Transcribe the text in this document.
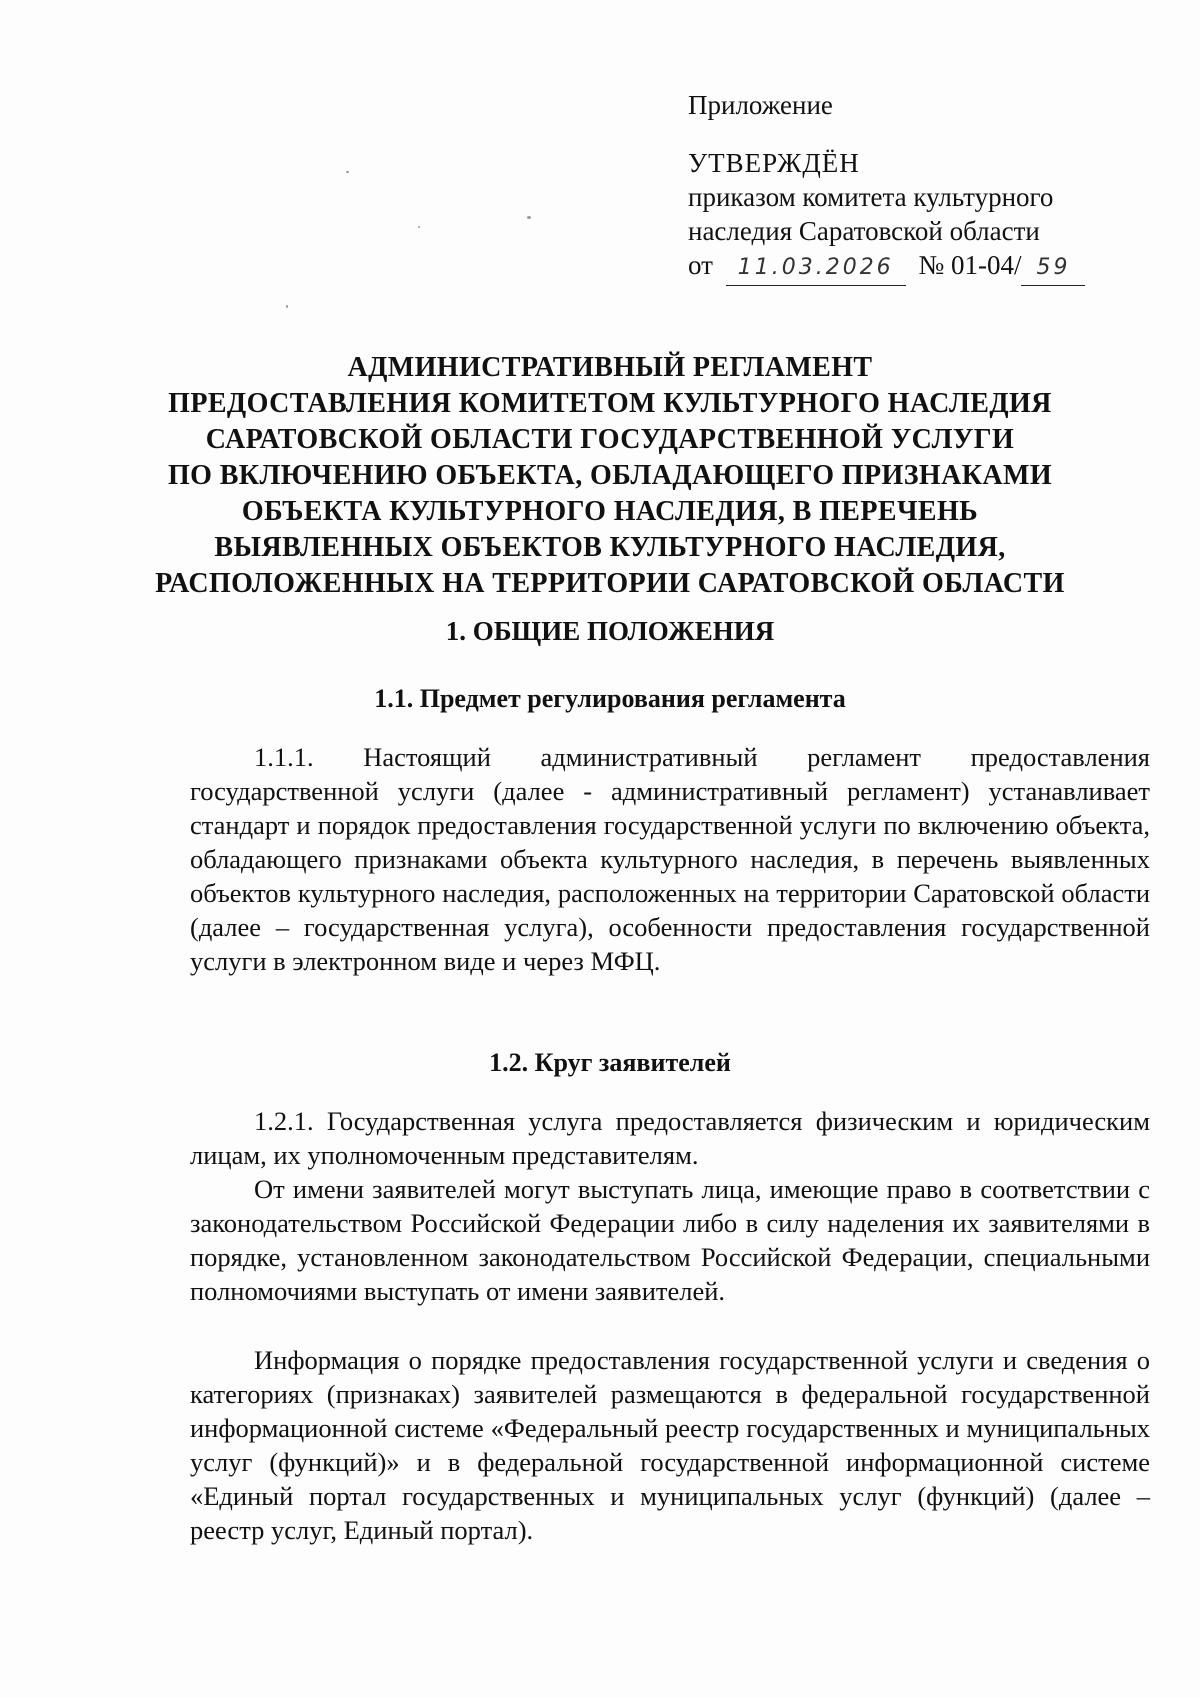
Приложение
УТВЕРЖДЁН
приказом комитета культурного
наследия Саратовской области
от 11.03.2026 № 01-04/ 59
АДМИНИСТРАТИВНЫЙ РЕГЛАМЕНТ
ПРЕДОСТАВЛЕНИЯ КОМИТЕТОМ КУЛЬТУРНОГО НАСЛЕДИЯ
САРАТОВСКОЙ ОБЛАСТИ ГОСУДАРСТВЕННОЙ УСЛУГИ
ПО ВКЛЮЧЕНИЮ ОБЪЕКТА, ОБЛАДАЮЩЕГО ПРИЗНАКАМИ
ОБЪЕКТА КУЛЬТУРНОГО НАСЛЕДИЯ, В ПЕРЕЧЕНЬ
ВЫЯВЛЕННЫХ ОБЪЕКТОВ КУЛЬТУРНОГО НАСЛЕДИЯ,
РАСПОЛОЖЕННЫХ НА ТЕРРИТОРИИ САРАТОВСКОЙ ОБЛАСТИ
1. ОБЩИЕ ПОЛОЖЕНИЯ
1.1. Предмет регулирования регламента

1.1.1. Настоящий административный регламент предоставления государственной услуги (далее - административный регламент) устанавливает стандарт и порядок предоставления государственной услуги по включению объекта, обладающего признаками объекта культурного наследия, в перечень выявленных объектов культурного наследия, расположенных на территории Саратовской области (далее – государственная услуга), особенности предоставления государственной услуги в электронном виде и через МФЦ.

1.2. Круг заявителей

1.2.1. Государственная услуга предоставляется физическим и юридическим лицам, их уполномоченным представителям.

От имени заявителей могут выступать лица, имеющие право в соответствии с законодательством Российской Федерации либо в силу наделения их заявителями в порядке, установленном законодательством Российской Федерации, специальными полномочиями выступать от имени заявителей.

Информация о порядке предоставления государственной услуги и сведения о категориях (признаках) заявителей размещаются в федеральной государственной информационной системе «Федеральный реестр государственных и муниципальных услуг (функций)» и в федеральной государственной информационной системе «Единый портал государственных и муниципальных услуг (функций) (далее – реестр услуг, Единый портал).
